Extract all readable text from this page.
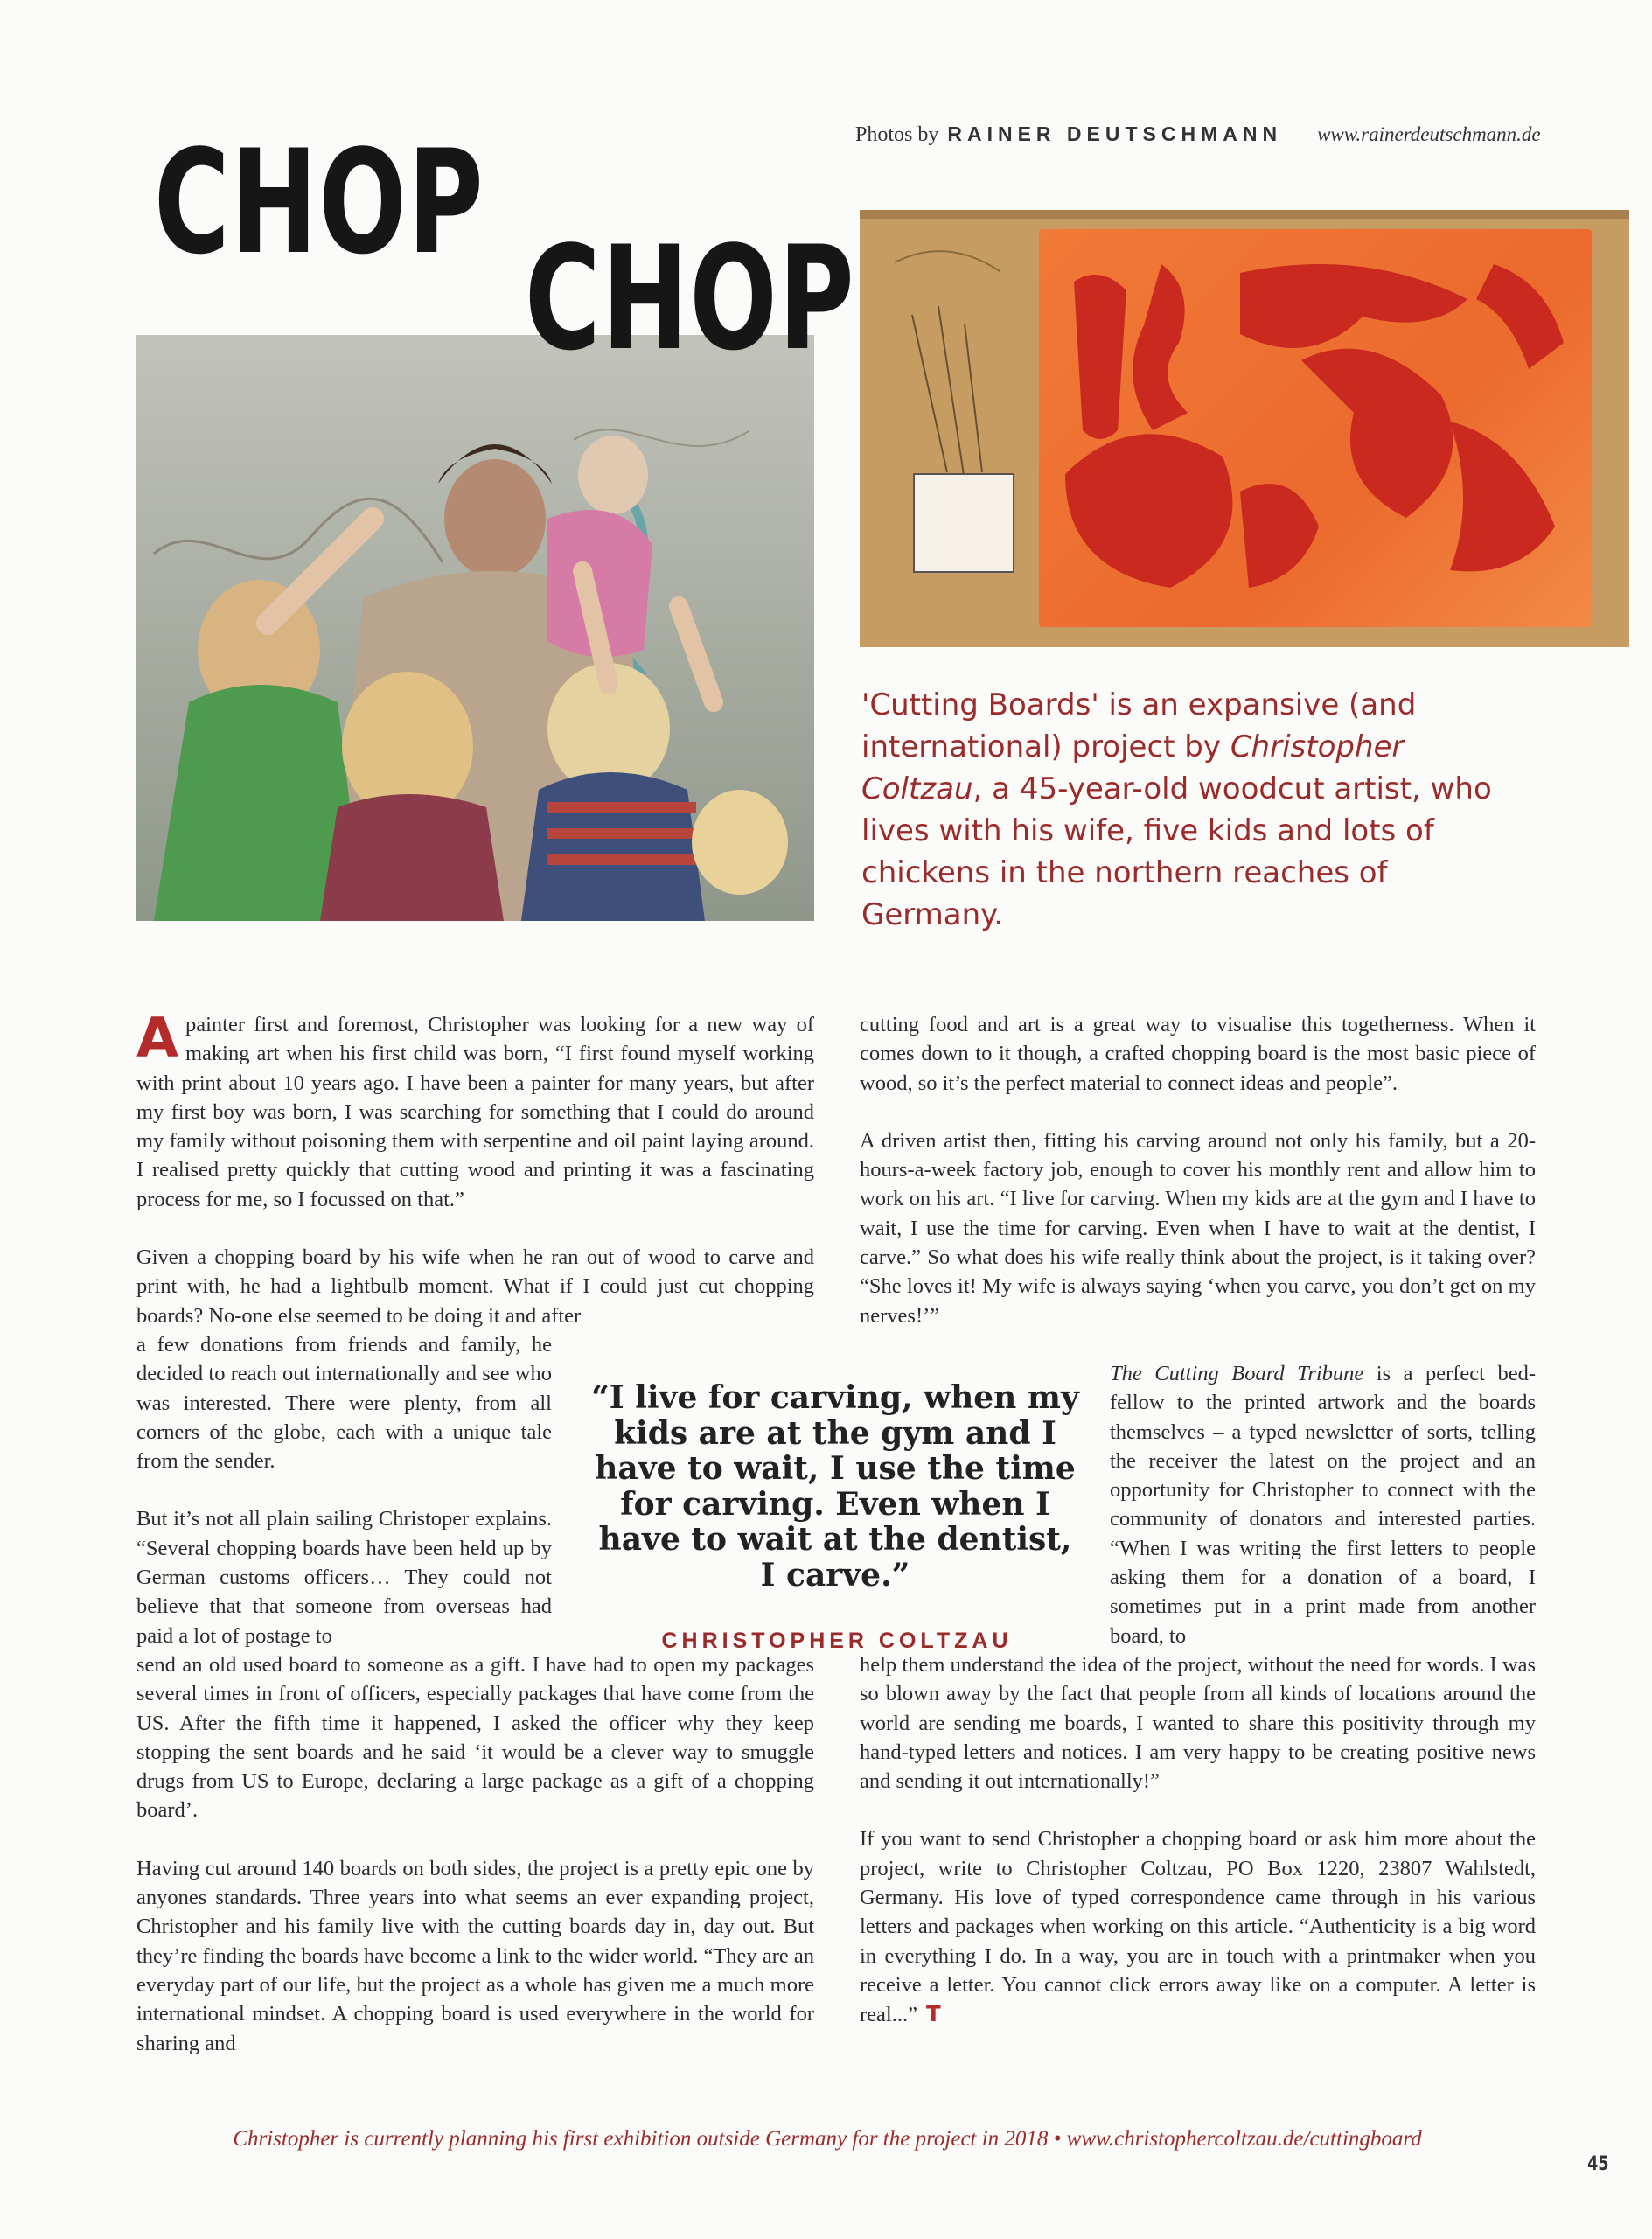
Photos by RAINER DEUTSCHMANN www.rainerdeutschmann.de
CHOP
CHOP
'Cutting Boards' is an expansive (and international) project by Christopher Coltzau, a 45-year-old woodcut artist, who lives with his wife, five kids and lots of chickens in the northern reaches of Germany.

Apainter first and foremost, Christopher was looking for a new way of making art when his first child was born, “I first found myself working with print about 10 years ago. I have been a painter for many years, but after my first boy was born, I was searching for something that I could do around my family without poisoning them with serpentine and oil paint laying around. I realised pretty quickly that cutting wood and printing it was a fascinating process for me, so I focussed on that.”

Given a chopping board by his wife when he ran out of wood to carve and print with, he had a lightbulb moment. What if I could just cut chopping boards? No-one else seemed to be doing it and after

a few donations from friends and family, he decided to reach out internationally and see who was interested. There were plenty, from all corners of the globe, each with a unique tale from the sender.

But it’s not all plain sailing Christoper explains. “Several chopping boards have been held up by German customs officers… They could not believe that that someone from overseas had paid a lot of postage to

send an old used board to someone as a gift. I have had to open my packages several times in front of officers, especially packages that have come from the US. After the fifth time it happened, I asked the officer why they keep stopping the sent boards and he said ‘it would be a clever way to smuggle drugs from US to Europe, declaring a large package as a gift of a chopping board’.

Having cut around 140 boards on both sides, the project is a pretty epic one by anyones standards. Three years into what seems an ever expanding project, Christopher and his family live with the cutting boards day in, day out. But they’re finding the boards have become a link to the wider world. “They are an everyday part of our life, but the project as a whole has given me a much more international mindset. A chopping board is used everywhere in the world for sharing and

cutting food and art is a great way to visualise this togetherness. When it comes down to it though, a crafted chopping board is the most basic piece of wood, so it’s the perfect material to connect ideas and people”.

A driven artist then, fitting his carving around not only his family, but a 20-hours-a-week factory job, enough to cover his monthly rent and allow him to work on his art. “I live for carving. When my kids are at the gym and I have to wait, I use the time for carving. Even when I have to wait at the dentist, I carve.” So what does his wife really think about the project, is it taking over? “She loves it! My wife is always saying ‘when you carve, you don’t get on my nerves!’”

The Cutting Board Tribune is a perfect bed-fellow to the printed artwork and the boards themselves – a typed newsletter of sorts, telling the receiver the latest on the project and an opportunity for Christopher to connect with the community of donators and interested parties. “When I was writing the first letters to people asking them for a donation of a board, I sometimes put in a print made from another board, to

help them understand the idea of the project, without the need for words. I was so blown away by the fact that people from all kinds of locations around the world are sending me boards, I wanted to share this positivity through my hand-typed letters and notices. I am very happy to be creating positive news and sending it out internationally!”

If you want to send Christopher a chopping board or ask him more about the project, write to Christopher Coltzau, PO Box 1220, 23807 Wahlstedt, Germany. His love of typed correspondence came through in his various letters and packages when working on this article. “Authenticity is a big word in everything I do. In a way, you are in touch with a printmaker when you receive a letter. You cannot click errors away like on a computer. A letter is real...” T

“I live for carving, when my kids are at the gym and I have to wait, I use the time for carving. Even when I have to wait at the dentist, I carve.”
CHRISTOPHER COLTZAU
Christopher is currently planning his first exhibition outside Germany for the project in 2018 • www.christophercoltzau.de/cuttingboard
45
